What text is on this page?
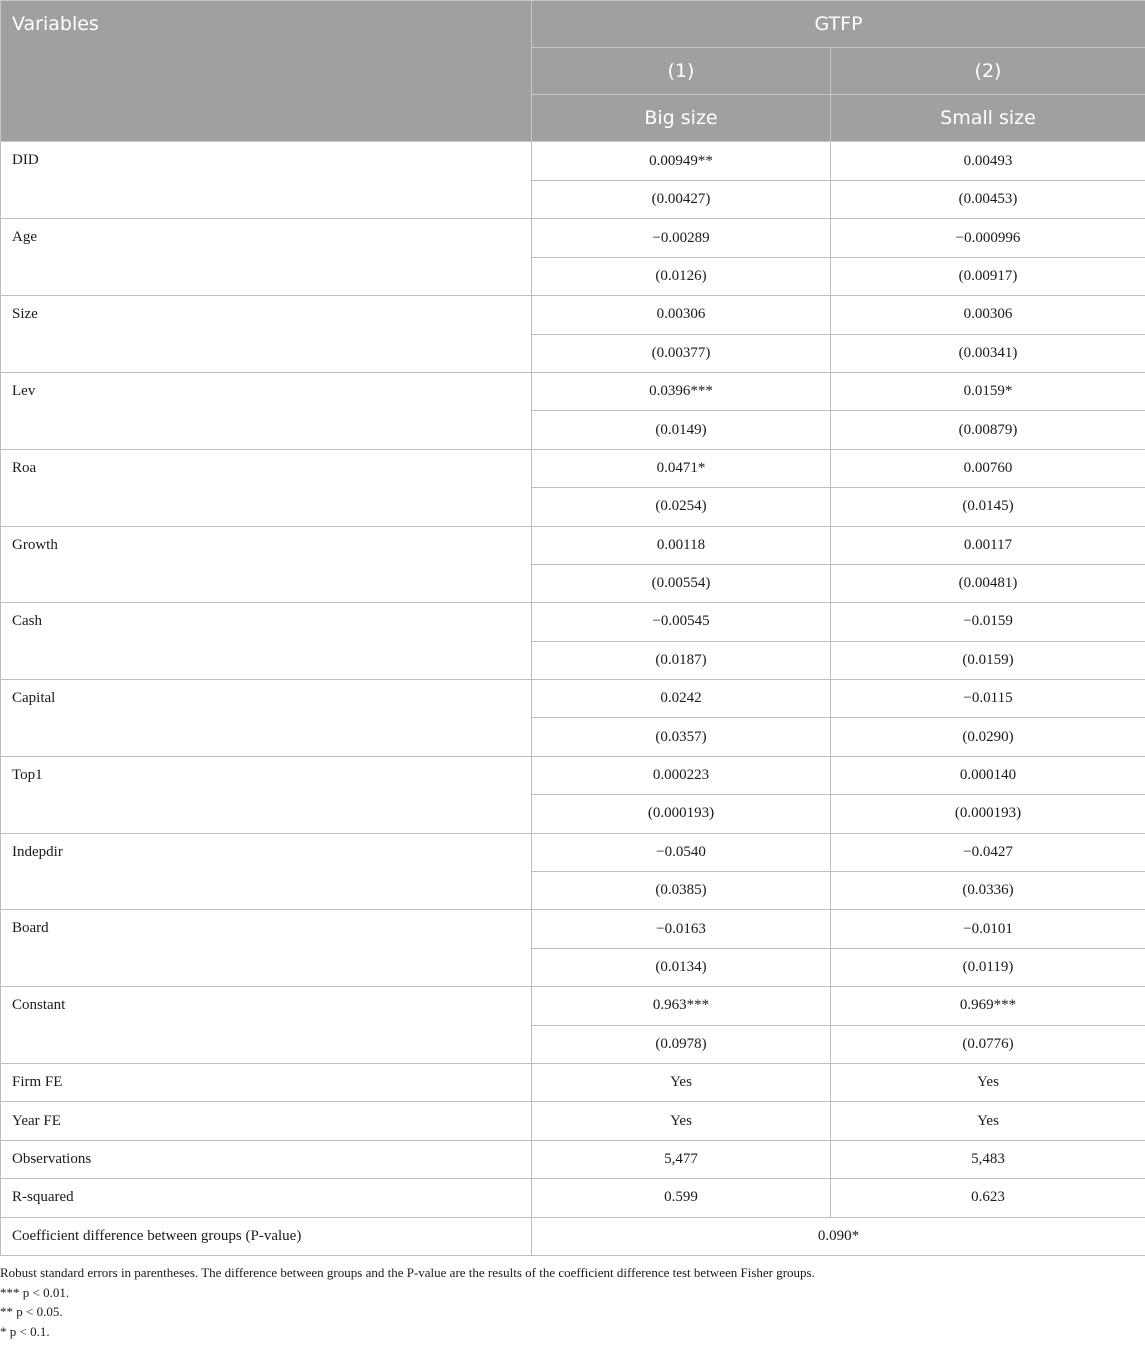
Variables	GTFP	
	(1)	(2)
	Big size	Small size
DID	0.00949**	0.00493
	(0.00427)	(0.00453)
Age	−0.00289	−0.000996
	(0.0126)	(0.00917)
Size	0.00306	0.00306
	(0.00377)	(0.00341)
Lev	0.0396***	0.0159*
	(0.0149)	(0.00879)
Roa	0.0471*	0.00760
	(0.0254)	(0.0145)
Growth	0.00118	0.00117
	(0.00554)	(0.00481)
Cash	−0.00545	−0.0159
	(0.0187)	(0.0159)
Capital	0.0242	−0.0115
	(0.0357)	(0.0290)
Top1	0.000223	0.000140
	(0.000193)	(0.000193)
Indepdir	−0.0540	−0.0427
	(0.0385)	(0.0336)
Board	−0.0163	−0.0101
	(0.0134)	(0.0119)
Constant	0.963***	0.969***
	(0.0978)	(0.0776)
Firm FE	Yes	Yes
Year FE	Yes	Yes
Observations	5,477	5,483
R-squared	0.599	0.623
Coefficient difference between groups (P-value)	0.090*	
Robust standard errors in parentheses. The difference between groups and the P-value are the results of the coefficient difference test between Fisher groups.
*** p < 0.01.
** p < 0.05.
* p < 0.1.
